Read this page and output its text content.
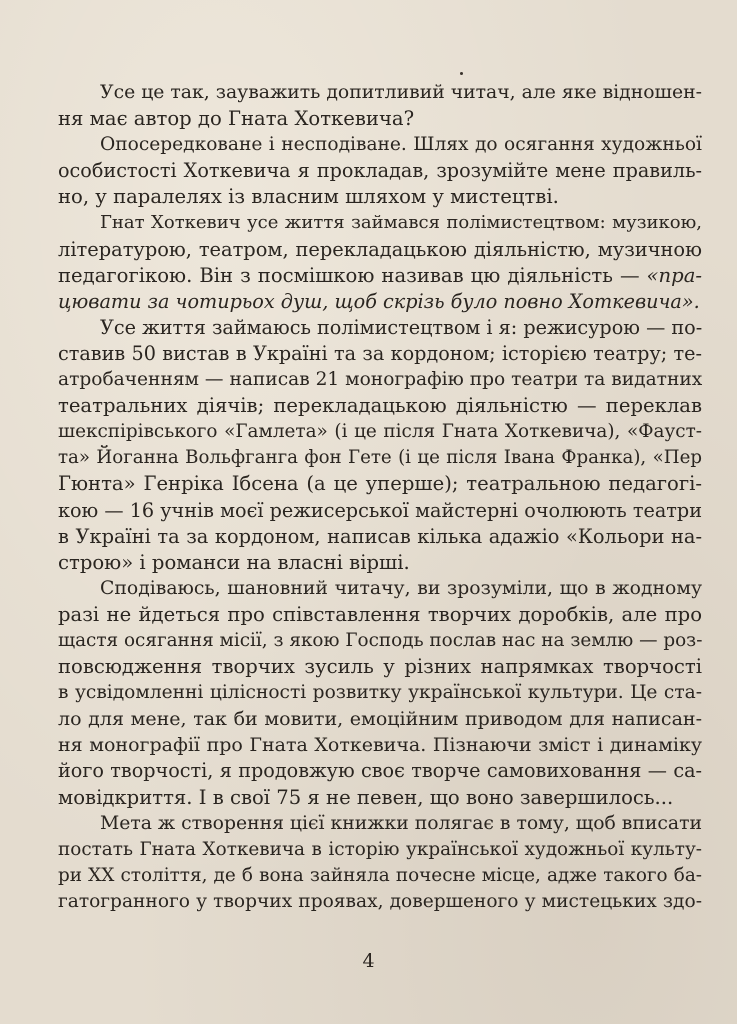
Усе це так, зауважить допитливий читач, але яке відношен-
ня має автор до Гната Хоткевича?
Опосередковане і несподіване. Шлях до осягання художньої
особистості Хоткевича я прокладав, зрозумійте мене правиль-
но, у паралелях із власним шляхом у мистецтві.
Гнат Хоткевич усе життя займався полімистецтвом: музикою,
літературою, театром, перекладацькою діяльністю, музичною
педагогікою. Він з посмішкою називав цю діяльність — «пра-
цювати за чотирьох душ, щоб скрізь було повно Хоткевича».
Усе життя займаюсь полімистецтвом і я: режисурою — по-
ставив 50 вистав в Україні та за кордоном; історією театру; те-
атробаченням — написав 21 монографію про театри та видатних
театральних діячів; перекладацькою діяльністю — переклав
шекспірівського «Гамлета» (і це після Гната Хоткевича), «Фауст-
та» Йоганна Вольфганга фон Гете (і це після Івана Франка), «Пер
Гюнта» Генріка Ібсена (а це уперше); театральною педагогі-
кою — 16 учнів моєї режисерської майстерні очолюють театри
в Україні та за кордоном, написав кілька адажіо «Кольори на-
строю» і романси на власні вірші.
Сподіваюсь, шановний читачу, ви зрозуміли, що в жодному
разі не йдеться про співставлення творчих доробків, але про
щастя осягання місії, з якою Господь послав нас на землю — роз-
повсюдження творчих зусиль у різних напрямках творчості
в усвідомленні цілісності розвитку української культури. Це ста-
ло для мене, так би мовити, емоційним приводом для написан-
ня монографії про Гната Хоткевича. Пізнаючи зміст і динаміку
його творчості, я продовжую своє творче самовиховання — са-
мовідкриття. І в свої 75 я не певен, що воно завершилось...
Мета ж створення цієї книжки полягає в тому, щоб вписати
постать Гната Хоткевича в історію української художньої культу-
ри XX століття, де б вона зайняла почесне місце, адже такого ба-
гатогранного у творчих проявах, довершеного у мистецьких здо-
4
